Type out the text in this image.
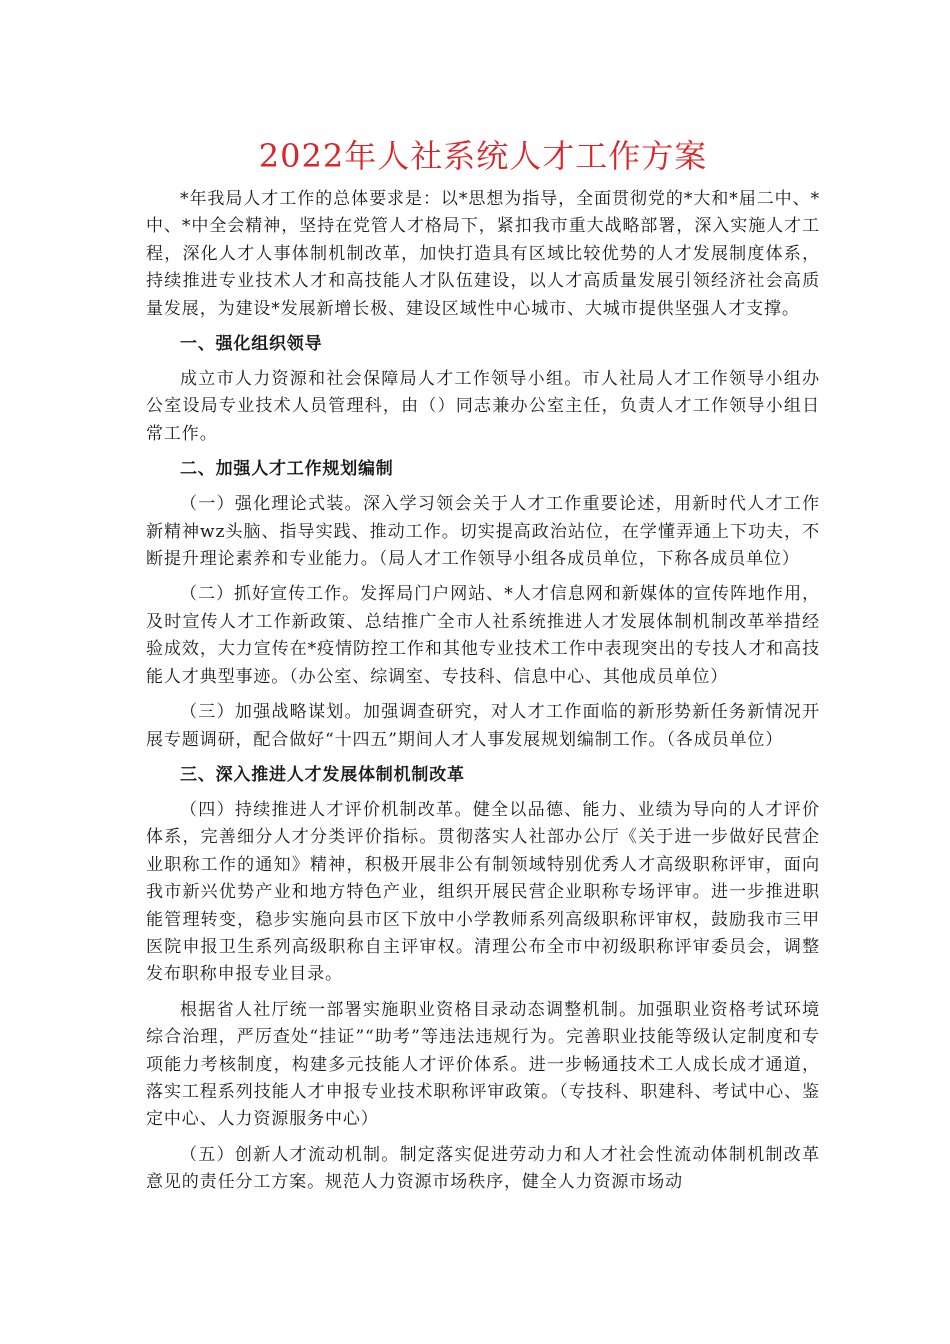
2022年人社系统人才工作方案

*年我局人才工作的总体要求是：以*思想为指导，全面贯彻党的*大和*届二中、*中、*中全会精神，坚持在党管人才格局下，紧扣我市重大战略部署，深入实施人才工程，深化人才人事体制机制改革，加快打造具有区域比较优势的人才发展制度体系，持续推进专业技术人才和高技能人才队伍建设，以人才高质量发展引领经济社会高质量发展，为建设*发展新增长极、建设区域性中心城市、大城市提供坚强人才支撑。

一、强化组织领导

成立市人力资源和社会保障局人才工作领导小组。市人社局人才工作领导小组办公室设局专业技术人员管理科，由（）同志兼办公室主任，负责人才工作领导小组日常工作。

二、加强人才工作规划编制

（一）强化理论式装。深入学习领会关于人才工作重要论述，用新时代人才工作新精神wz头脑、指导实践、推动工作。切实提高政治站位，在学懂弄通上下功夫，不断提升理论素养和专业能力。（局人才工作领导小组各成员单位，下称各成员单位）

（二）抓好宣传工作。发挥局门户网站、*人才信息网和新媒体的宣传阵地作用，及时宣传人才工作新政策、总结推广全市人社系统推进人才发展体制机制改革举措经验成效，大力宣传在*疫情防控工作和其他专业技术工作中表现突出的专技人才和高技能人才典型事迹。（办公室、综调室、专技科、信息中心、其他成员单位）

（三）加强战略谋划。加强调查研究，对人才工作面临的新形势新任务新情况开展专题调研，配合做好“十四五”期间人才人事发展规划编制工作。（各成员单位）

三、深入推进人才发展体制机制改革

（四）持续推进人才评价机制改革。健全以品德、能力、业绩为导向的人才评价体系，完善细分人才分类评价指标。贯彻落实人社部办公厅《关于进一步做好民营企业职称工作的通知》精神，积极开展非公有制领域特别优秀人才高级职称评审，面向我市新兴优势产业和地方特色产业，组织开展民营企业职称专场评审。进一步推进职能管理转变，稳步实施向县市区下放中小学教师系列高级职称评审权，鼓励我市三甲医院申报卫生系列高级职称自主评审权。清理公布全市中初级职称评审委员会，调整发布职称申报专业目录。

根据省人社厅统一部署实施职业资格目录动态调整机制。加强职业资格考试环境综合治理，严厉查处“挂证”“助考”等违法违规行为。完善职业技能等级认定制度和专项能力考核制度，构建多元技能人才评价体系。进一步畅通技术工人成长成才通道，落实工程系列技能人才申报专业技术职称评审政策。（专技科、职建科、考试中心、鉴定中心、人力资源服务中心）

（五）创新人才流动机制。制定落实促进劳动力和人才社会性流动体制机制改革意见的责任分工方案。规范人力资源市场秩序，健全人力资源市场动
